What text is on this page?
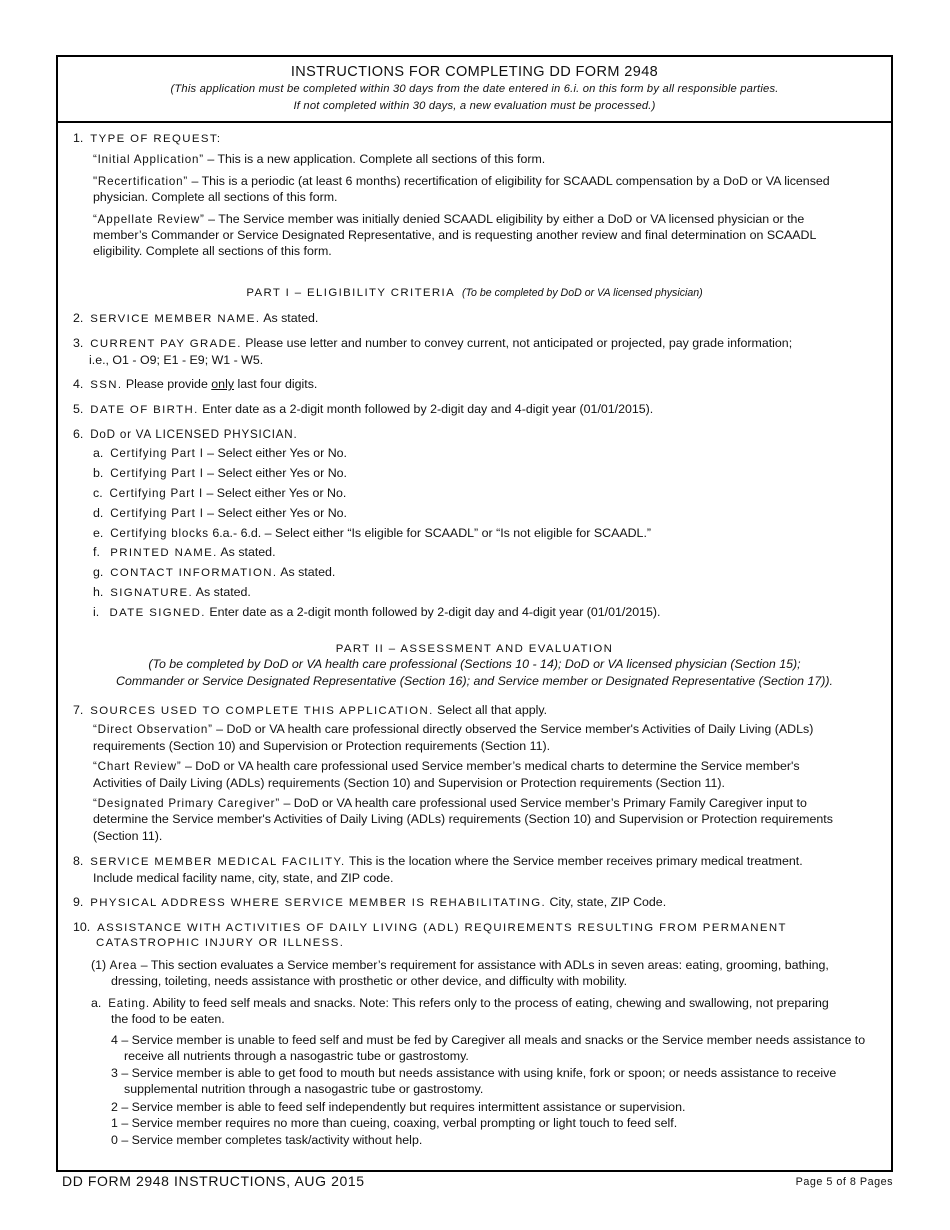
INSTRUCTIONS FOR COMPLETING DD FORM 2948
(This application must be completed within 30 days from the date entered in 6.i. on this form by all responsible parties.
If not completed within 30 days, a new evaluation must be processed.)
1. TYPE OF REQUEST:
“Initial Application” – This is a new application. Complete all sections of this form.
"Recertification” – This is a periodic (at least 6 months) recertification of eligibility for SCAADL compensation by a DoD or VA licensed
physician. Complete all sections of this form.
“Appellate Review” – The Service member was initially denied SCAADL eligibility by either a DoD or VA licensed physician or the
member’s Commander or Service Designated Representative, and is requesting another review and final determination on SCAADL
eligibility. Complete all sections of this form.
PART I – ELIGIBILITY CRITERIA (To be completed by DoD or VA licensed physician)
2. SERVICE MEMBER NAME. As stated.
3. CURRENT PAY GRADE. Please use letter and number to convey current, not anticipated or projected, pay grade information;
i.e., O1 - O9; E1 - E9; W1 - W5.
4. SSN. Please provide only last four digits.
5. DATE OF BIRTH. Enter date as a 2-digit month followed by 2-digit day and 4-digit year (01/01/2015).
6. DoD or VA LICENSED PHYSICIAN.
a. Certifying Part I – Select either Yes or No.
b. Certifying Part I – Select either Yes or No.
c. Certifying Part I – Select either Yes or No.
d. Certifying Part I – Select either Yes or No.
e. Certifying blocks 6.a.- 6.d. – Select either “Is eligible for SCAADL” or “Is not eligible for SCAADL.”
f. PRINTED NAME. As stated.
g. CONTACT INFORMATION. As stated.
h. SIGNATURE. As stated.
i. DATE SIGNED. Enter date as a 2-digit month followed by 2-digit day and 4-digit year (01/01/2015).
PART II – ASSESSMENT AND EVALUATION
(To be completed by DoD or VA health care professional (Sections 10 - 14); DoD or VA licensed physician (Section 15);
Commander or Service Designated Representative (Section 16); and Service member or Designated Representative (Section 17)).
7. SOURCES USED TO COMPLETE THIS APPLICATION. Select all that apply.
“Direct Observation” – DoD or VA health care professional directly observed the Service member's Activities of Daily Living (ADLs)
requirements (Section 10) and Supervision or Protection requirements (Section 11).
“Chart Review” – DoD or VA health care professional used Service member’s medical charts to determine the Service member's
Activities of Daily Living (ADLs) requirements (Section 10) and Supervision or Protection requirements (Section 11).
“Designated Primary Caregiver” – DoD or VA health care professional used Service member’s Primary Family Caregiver input to
determine the Service member's Activities of Daily Living (ADLs) requirements (Section 10) and Supervision or Protection requirements
(Section 11).
8. SERVICE MEMBER MEDICAL FACILITY. This is the location where the Service member receives primary medical treatment.
Include medical facility name, city, state, and ZIP code.
9. PHYSICAL ADDRESS WHERE SERVICE MEMBER IS REHABILITATING. City, state, ZIP Code.
10. ASSISTANCE WITH ACTIVITIES OF DAILY LIVING (ADL) REQUIREMENTS RESULTING FROM PERMANENT
CATASTROPHIC INJURY OR ILLNESS.
(1) Area – This section evaluates a Service member’s requirement for assistance with ADLs in seven areas: eating, grooming, bathing,
dressing, toileting, needs assistance with prosthetic or other device, and difficulty with mobility.
a. Eating. Ability to feed self meals and snacks. Note: This refers only to the process of eating, chewing and swallowing, not preparing
the food to be eaten.
4 – Service member is unable to feed self and must be fed by Caregiver all meals and snacks or the Service member needs assistance to
receive all nutrients through a nasogastric tube or gastrostomy.
3 – Service member is able to get food to mouth but needs assistance with using knife, fork or spoon; or needs assistance to receive
supplemental nutrition through a nasogastric tube or gastrostomy.
2 – Service member is able to feed self independently but requires intermittent assistance or supervision.
1 – Service member requires no more than cueing, coaxing, verbal prompting or light touch to feed self.
0 – Service member completes task/activity without help.
DD FORM 2948 INSTRUCTIONS, AUG 2015	Page 5 of 8 Pages
